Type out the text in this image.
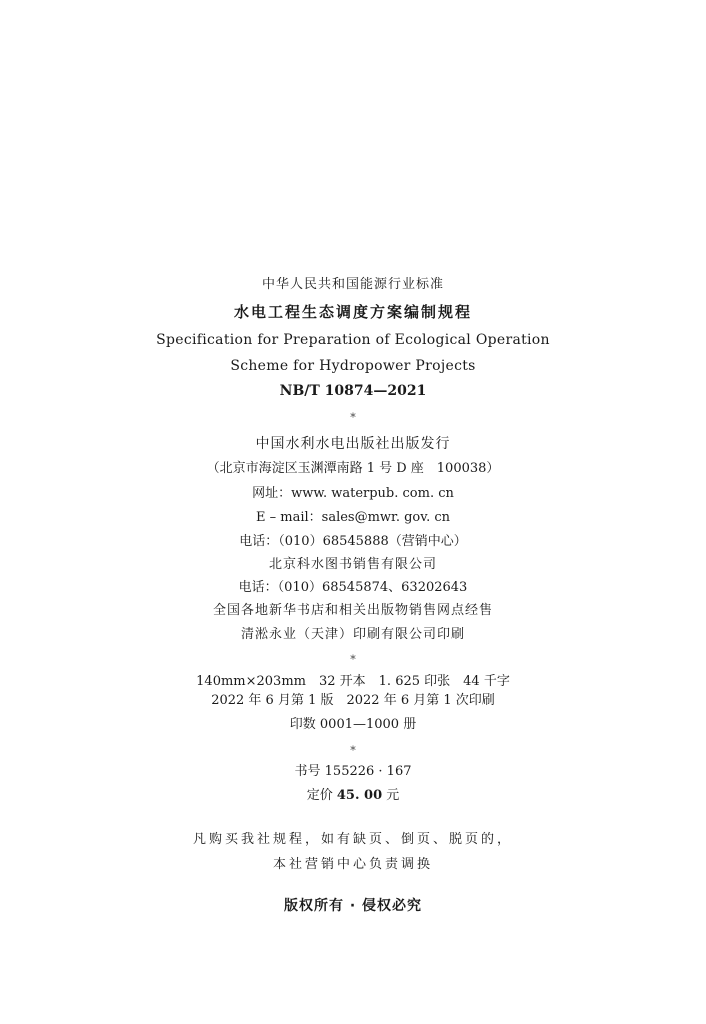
中华人民共和国能源行业标准
水电工程生态调度方案编制规程
Specification for Preparation of Ecological Operation
Scheme for Hydropower Projects
NB/T 10874—2021
*
中国水利水电出版社出版发行
（北京市海淀区玉渊潭南路 1 号 D 座　100038）
网址：www. waterpub. com. cn
E – mail：sales@mwr. gov. cn
电话：（010）68545888（营销中心）
北京科水图书销售有限公司
电话：（010）68545874、63202643
全国各地新华书店和相关出版物销售网点经售
清淞永业（天津）印刷有限公司印刷
*
140mm×203mm　32 开本　1. 625 印张　44 千字
2022 年 6 月第 1 版　2022 年 6 月第 1 次印刷
印数 0001—1000 册
*
书号 155226 · 167
定价 45. 00 元
凡购买我社规程，如有缺页、倒页、脱页的，
本社营销中心负责调换
版权所有 · 侵权必究
